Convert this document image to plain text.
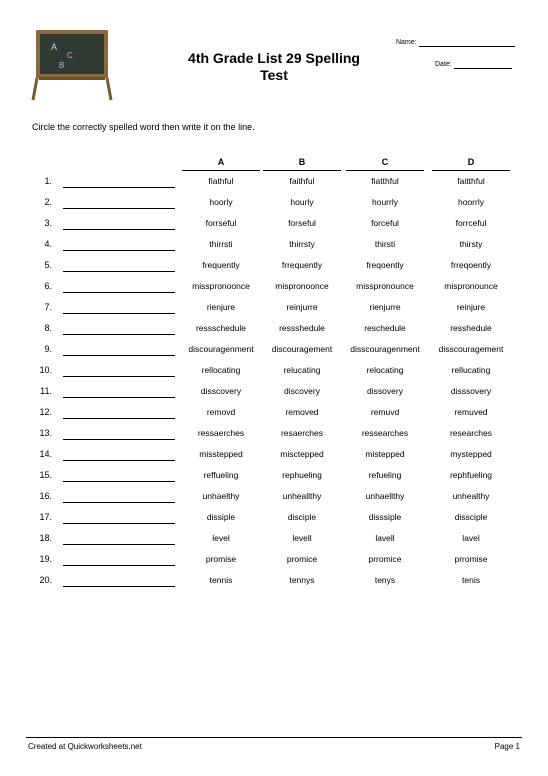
A
C
B	4th Grade List 29 Spelling
Test
Name:
Date:
Circle the correctly spelled word then write it on the line.
A	B	C	D
1.	fiathful	faithful	fiatthful	faitthful
2.	hoorly	hourly	hourrly	hoorrly
3.	forrseful	forseful	forceful	forrceful
4.	thirrsti	thirrsty	thirsti	thirsty
5.	frequently	frrequently	freqoently	frreqoently
6.	misspronoonce	mispronoonce	misspronounce	mispronounce
7.	rienjure	reinjurre	rienjurre	reinjure
8.	ressschedule	ressshedule	reschedule	resshedule
9.	discouragenment	discouragement	disscouragenment	disscouragement
10.	rellocating	relucating	relocating	rellucating
11.	disscovery	discovery	dissovery	disssovery
12.	removd	removed	remuvd	remuved
13.	ressaerches	resaerches	ressearches	researches
14.	misstepped	misctepped	mistepped	mystepped
15.	reffueling	rephueling	refueling	rephfueling
16.	unhaelthy	unheallthy	unhaellthy	unhealthy
17.	dissiple	disciple	disssiple	dissciple
18.	level	levell	lavell	lavel
19.	promise	promice	prromice	prromise
20.	tennis	tennys	tenys	tenis
Created at Quickworksheets.net	Page 1
